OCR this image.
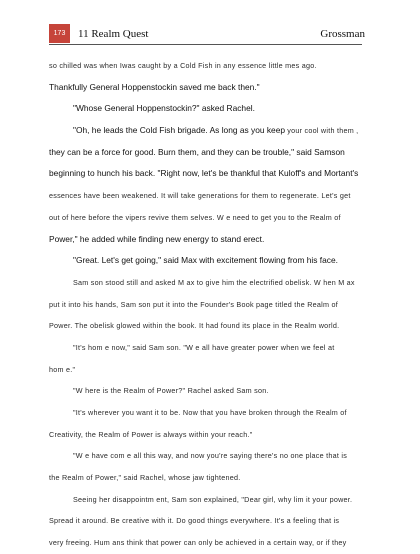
173	11 Realm Quest	Grossman
so chilled was when Iwas caught by a Cold Fish in any essence little mes ago.
Thankfully General Hoppenstockin saved me back then."
"Whose General Hoppenstockin?" asked Rachel.
"Oh, he leads the Cold Fish brigade. As long as you keep your cool with them ,
they can be a force for good. Burn them, and they can be trouble," said Samson
beginning to hunch his back. "Right now, let's be thankful that Kuloff's and Mortant's
essences have been weakened. It will take generations for them to regenerate. Let's get
out of here before the vipers revive them selves. W e need to get you to the Realm of
Power," he added while finding new energy to stand erect.
"Great. Let's get going," said Max with excitement flowing from his face.
Sam son stood still and asked M ax to give him the electrified obelisk. W hen M ax
put it into his hands, Sam son put it into the Founder's Book page titled the Realm of
Power. The obelisk glowed within the book. It had found its place in the Realm world.
"It's hom e now," said Sam son. "W e all have greater power when we feel at
hom e."
"W here is the Realm of Power?" Rachel asked Sam son.
"It's wherever you want it to be. Now that you have broken through the Realm of
Creativity, the Realm of Power is always within your reach."
"W e have com e all this way, and now you're saying there's no one place that is
the Realm of Power," said Rachel, whose jaw tightened.
Seeing her disappointm ent, Sam son explained, "Dear girl, why lim it your power.
Spread it around. Be creative with it. Do good things everywhere. It's a feeling that is
very freeing. Hum ans think that power can only be achieved in a certain way, or if they
